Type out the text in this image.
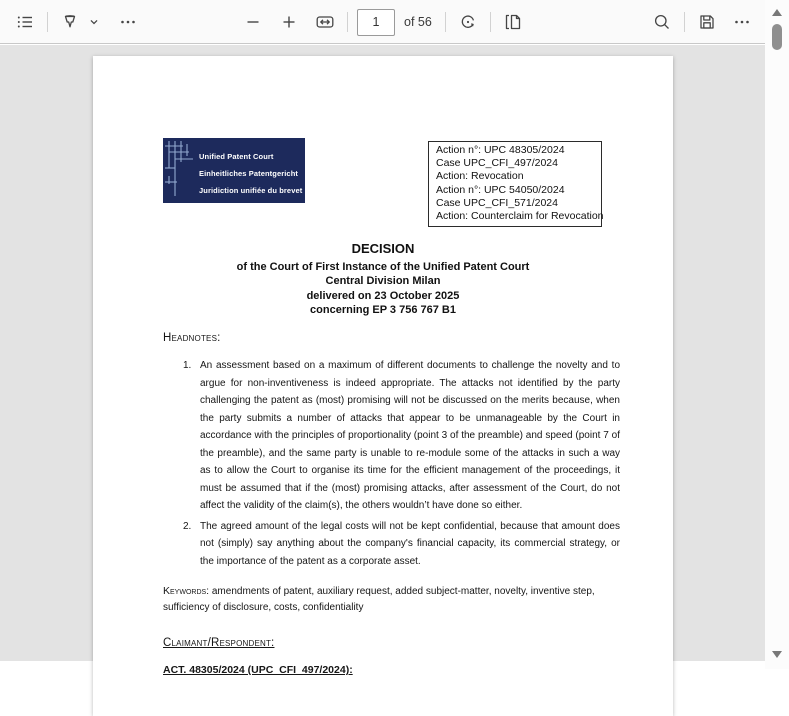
1
of 56
Unified Patent Court
Einheitliches Patentgericht
Juridiction unifiée du brevet
Action n°: UPC 48305/2024
Case UPC_CFI_497/2024
Action: Revocation
Action n°: UPC 54050/2024
Case UPC_CFI_571/2024
Action: Counterclaim for Revocation
DECISION
of the Court of First Instance of the Unified Patent Court
Central Division Milan
delivered on 23 October 2025
concerning EP 3 756 767 B1
Headnotes:
1. An assessment based on a maximum of different documents to challenge the novelty and to argue for non-inventiveness is indeed appropriate. The attacks not identified by the party challenging the patent as (most) promising will not be discussed on the merits because, when the party submits a number of attacks that appear to be unmanageable by the Court in accordance with the principles of proportionality (point 3 of the preamble) and speed (point 7 of the preamble), and the same party is unable to re-module some of the attacks in such a way as to allow the Court to organise its time for the efficient management of the proceedings, it must be assumed that if the (most) promising attacks, after assessment of the Court, do not affect the validity of the claim(s), the others wouldn’t have done so either.
2. The agreed amount of the legal costs will not be kept confidential, because that amount does not (simply) say anything about the company's financial capacity, its commercial strategy, or the importance of the patent as a corporate asset.

Keywords: amendments of patent, auxiliary request, added subject-matter, novelty, inventive step, sufficiency of disclosure, costs, confidentiality

Claimant/Respondent:
ACT. 48305/2024 (UPC_CFI_497/2024):
